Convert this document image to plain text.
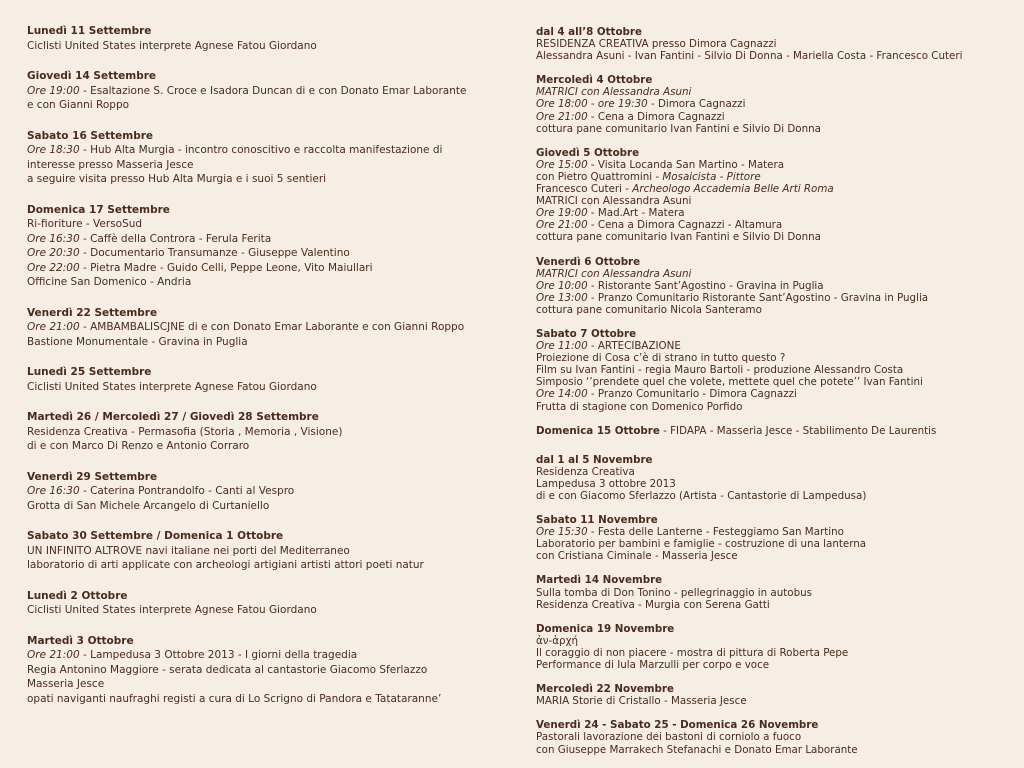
Lunedì 11 Settembre
Ciclisti United States interprete Agnese Fatou Giordano
Giovedì 14 Settembre
Ore 19:00 - Esaltazione S. Croce e Isadora Duncan di e con Donato Emar Laborante
e con Gianni Roppo
Sabato 16 Settembre
Ore 18:30 - Hub Alta Murgia - incontro conoscitivo e raccolta manifestazione di
interesse presso Masseria Jesce
a seguire visita presso Hub Alta Murgia e i suoi 5 sentieri
Domenica 17 Settembre
Ri-fioriture - VersoSud
Ore 16:30 - Caffè della Controra - Ferula Ferita
Ore 20:30 - Documentario Transumanze - Giuseppe Valentino
Ore 22:00 - Pietra Madre - Guido Celli, Peppe Leone, Vito Maiullari
Officine San Domenico - Andria
Venerdì 22 Settembre
Ore 21:00 - AMBAMBALISCJNE di e con Donato Emar Laborante e con Gianni Roppo
Bastione Monumentale - Gravina in Puglia
Lunedì 25 Settembre
Ciclisti United States interprete Agnese Fatou Giordano
Martedì 26 / Mercoledì 27 / Giovedì 28 Settembre
Residenza Creativa - Permasofia (Storia , Memoria , Visione)
di e con Marco Di Renzo e Antonio Corraro
Venerdì 29 Settembre
Ore 16:30 - Caterina Pontrandolfo - Canti al Vespro
Grotta di San Michele Arcangelo di Curtaniello
Sabato 30 Settembre / Domenica 1 Ottobre
UN INFINITO ALTROVE navi italiane nei porti del Mediterraneo
laboratorio di arti applicate con archeologi artigiani artisti attori poeti natur
Lunedì 2 Ottobre
Ciclisti United States interprete Agnese Fatou Giordano
Martedì 3 Ottobre
Ore 21:00 - Lampedusa 3 Ottobre 2013 - I giorni della tragedia
Regia Antonino Maggiore - serata dedicata al cantastorie Giacomo Sferlazzo
Masseria Jesce
opati naviganti naufraghi registi a cura di Lo Scrigno di Pandora e Tatataranne’
dal 4 all’8 Ottobre
RESIDENZA CREATIVA presso Dimora Cagnazzi
Alessandra Asuni - Ivan Fantini - Silvio Di Donna - Mariella Costa - Francesco Cuteri
Mercoledì 4 Ottobre
MATRICI con Alessandra Asuni
Ore 18:00 - ore 19:30 - Dimora Cagnazzi
Ore 21:00 - Cena a Dimora Cagnazzi
cottura pane comunitario Ivan Fantini e Silvio Di Donna
Giovedì 5 Ottobre
Ore 15:00 - Visita Locanda San Martino - Matera
con Pietro Quattromini - Mosaicista - Pittore
Francesco Cuteri - Archeologo Accademia Belle Arti Roma
MATRICI con Alessandra Asuni
Ore 19:00 - Mad.Art - Matera
Ore 21:00 - Cena a Dimora Cagnazzi - Altamura
cottura pane comunitario Ivan Fantini e Silvio Di Donna
Venerdì 6 Ottobre
MATRICI con Alessandra Asuni
Ore 10:00 - Ristorante Sant’Agostino - Gravina in Puglia
Ore 13:00 - Pranzo Comunitario Ristorante Sant’Agostino - Gravina in Puglia
cottura pane comunitario Nicola Santeramo
Sabato 7 Ottobre
Ore 11:00 - ARTECIBAZIONE
Proiezione di Cosa c’è di strano in tutto questo ?
Film su Ivan Fantini - regia Mauro Bartoli - produzione Alessandro Costa
Simposio ‘’prendete quel che volete, mettete quel che potete’’ Ivan Fantini
Ore 14:00 - Pranzo Comunitario - Dimora Cagnazzi
Frutta di stagione con Domenico Porfido
Domenica 15 Ottobre - FIDAPA - Masseria Jesce - Stabilimento De Laurentis
dal 1 al 5 Novembre
Residenza Creativa
Lampedusa 3 ottobre 2013
di e con Giacomo Sferlazzo (Artista - Cantastorie di Lampedusa)
Sabato 11 Novembre
Ore 15:30 - Festa delle Lanterne - Festeggiamo San Martino
Laboratorio per bambini e famiglie - costruzione di una lanterna
con Cristiana Ciminale - Masseria Jesce
Martedì 14 Novembre
Sulla tomba di Don Tonino - pellegrinaggio in autobus
Residenza Creativa - Murgia con Serena Gatti
Domenica 19 Novembre
ἀν-ἀρχή
Il coraggio di non piacere - mostra di pittura di Roberta Pepe
Performance di Iula Marzulli per corpo e voce
Mercoledì 22 Novembre
MARIA Storie di Cristallo - Masseria Jesce
Venerdì 24 - Sabato 25 - Domenica 26 Novembre
Pastorali lavorazione dei bastoni di corniolo a fuoco
con Giuseppe Marrakech Stefanachi e Donato Emar Laborante
